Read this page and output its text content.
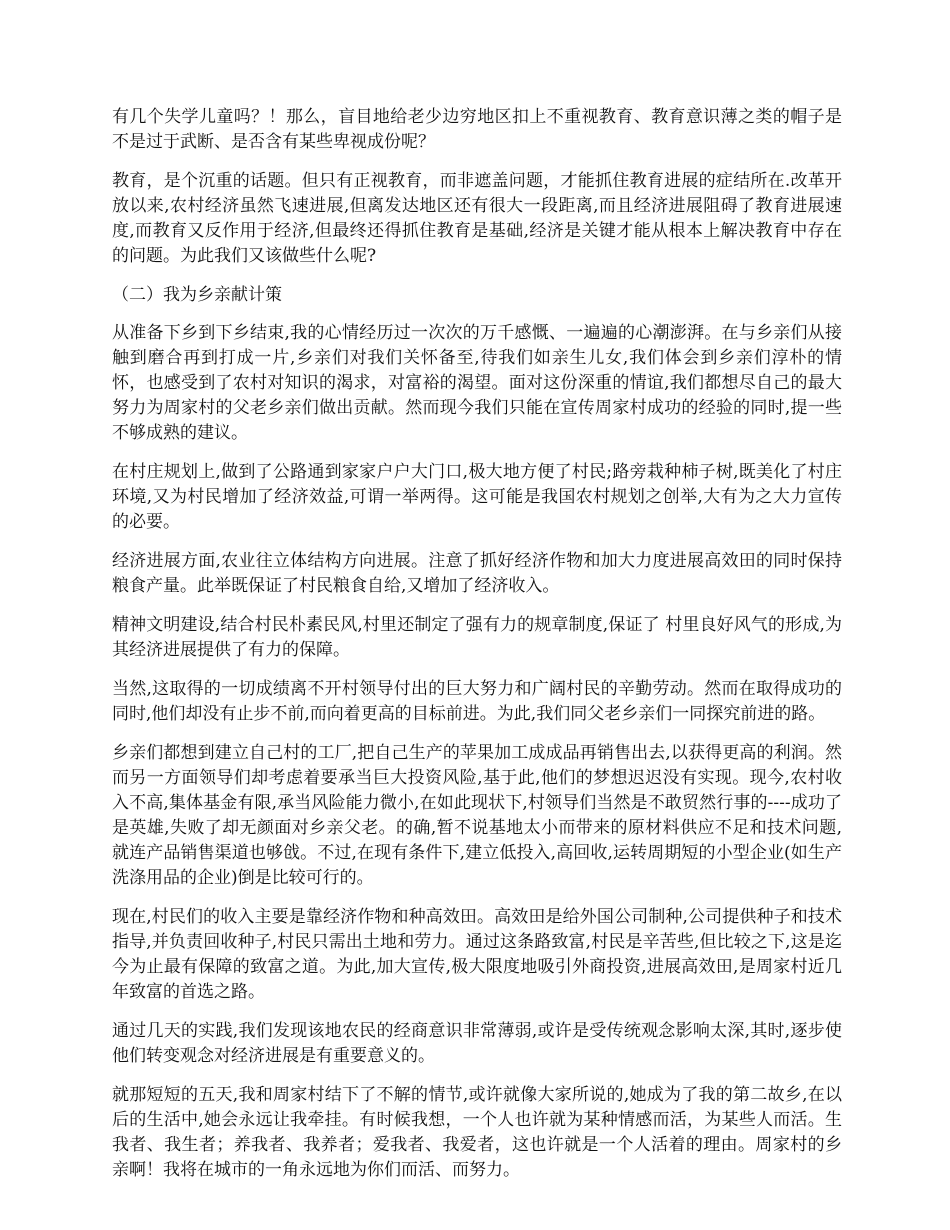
有几个失学儿童吗？！那么，盲目地给老少边穷地区扣上不重视教育、教育意识薄之类的帽子是不是过于武断、是否含有某些卑视成份呢？

教育，是个沉重的话题。但只有正视教育，而非遮盖问题，才能抓住教育进展的症结所在.改革开放以来,农村经济虽然飞速进展,但离发达地区还有很大一段距离,而且经济进展阻碍了教育进展速度,而教育又反作用于经济,但最终还得抓住教育是基础,经济是关键才能从根本上解决教育中存在的问题。为此我们又该做些什么呢?

（二）我为乡亲献计策

从准备下乡到下乡结束,我的心情经历过一次次的万千感慨、一遍遍的心潮澎湃。在与乡亲们从接触到磨合再到打成一片,乡亲们对我们关怀备至,待我们如亲生儿女,我们体会到乡亲们淳朴的情怀，也感受到了农村对知识的渴求，对富裕的渴望。面对这份深重的情谊,我们都想尽自己的最大努力为周家村的父老乡亲们做出贡献。然而现今我们只能在宣传周家村成功的经验的同时,提一些不够成熟的建议。

在村庄规划上,做到了公路通到家家户户大门口,极大地方便了村民;路旁栽种柿子树,既美化了村庄环境,又为村民增加了经济效益,可谓一举两得。这可能是我国农村规划之创举,大有为之大力宣传的必要。

经济进展方面,农业往立体结构方向进展。注意了抓好经济作物和加大力度进展高效田的同时保持粮食产量。此举既保证了村民粮食自给,又增加了经济收入。

精神文明建设,结合村民朴素民风,村里还制定了强有力的规章制度,保证了 村里良好风气的形成,为其经济进展提供了有力的保障。

当然,这取得的一切成绩离不开村领导付出的巨大努力和广阔村民的辛勤劳动。然而在取得成功的同时,他们却没有止步不前,而向着更高的目标前进。为此,我们同父老乡亲们一同探究前进的路。

乡亲们都想到建立自己村的工厂,把自己生产的苹果加工成成品再销售出去,以获得更高的利润。然而另一方面领导们却考虑着要承当巨大投资风险,基于此,他们的梦想迟迟没有实现。现今,农村收入不高,集体基金有限,承当风险能力微小,在如此现状下,村领导们当然是不敢贸然行事的----成功了是英雄,失败了却无颜面对乡亲父老。的确,暂不说基地太小而带来的原材料供应不足和技术问题,就连产品销售渠道也够戗。不过,在现有条件下,建立低投入,高回收,运转周期短的小型企业(如生产洗涤用品的企业)倒是比较可行的。

现在,村民们的收入主要是靠经济作物和种高效田。高效田是给外国公司制种,公司提供种子和技术指导,并负责回收种子,村民只需出土地和劳力。通过这条路致富,村民是辛苦些,但比较之下,这是迄今为止最有保障的致富之道。为此,加大宣传,极大限度地吸引外商投资,进展高效田,是周家村近几年致富的首选之路。

通过几天的实践,我们发现该地农民的经商意识非常薄弱,或许是受传统观念影响太深,其时,逐步使他们转变观念对经济进展是有重要意义的。

就那短短的五天,我和周家村结下了不解的情节,或许就像大家所说的,她成为了我的第二故乡,在以后的生活中,她会永远让我牵挂。有时候我想，一个人也许就为某种情感而活，为某些人而活。生我者、我生者；养我者、我养者；爱我者、我爱者，这也许就是一个人活着的理由。周家村的乡亲啊！我将在城市的一角永远地为你们而活、而努力。
